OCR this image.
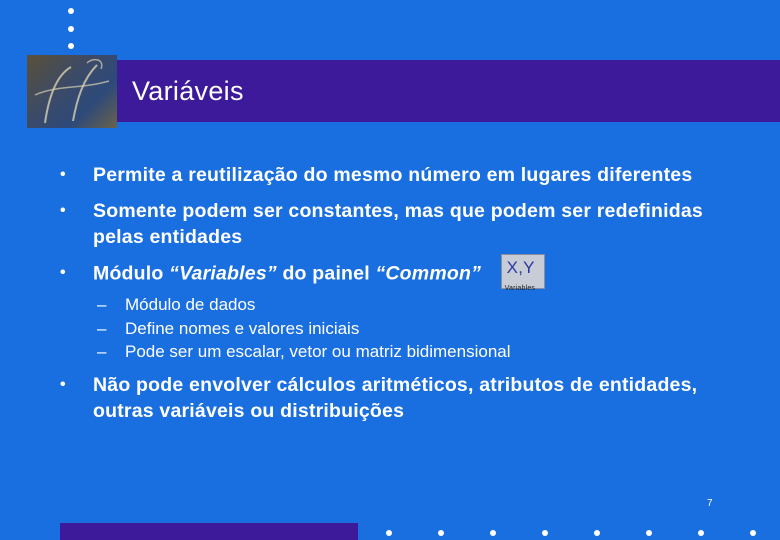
Variáveis
• Permite a reutilização do mesmo número em lugares diferentes
• Somente podem ser constantes, mas que podem ser redefinidas pelas entidades
• Módulo “Variables” do painel “Common” X,Y
Variables
– Módulo de dados
– Define nomes e valores iniciais
– Pode ser um escalar, vetor ou matriz bidimensional
• Não pode envolver cálculos aritméticos, atributos de entidades, outras variáveis ou distribuições
7
